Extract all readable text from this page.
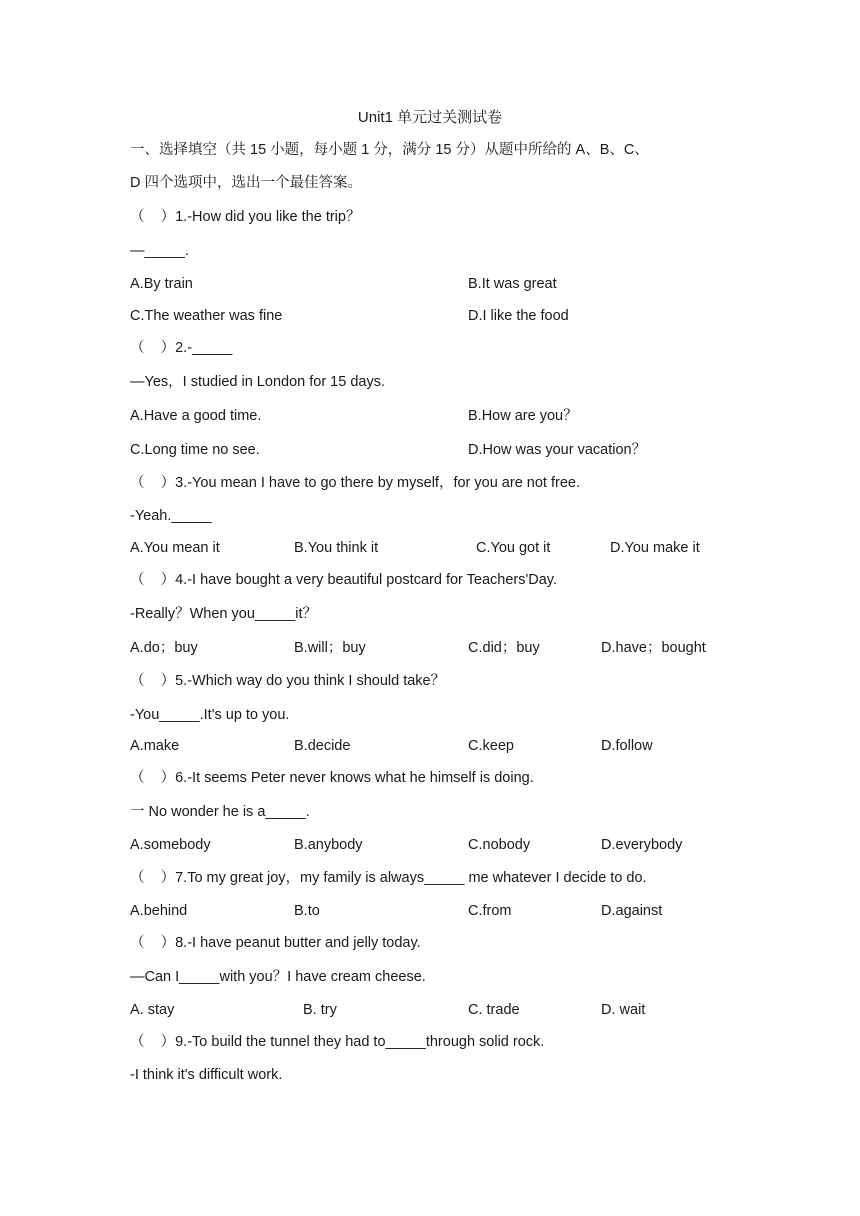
Unit1 单元过关测试卷
一、选择填空（共 15 小题，每小题 1 分，满分 15 分）从题中所给的 A、B、C、
D 四个选项中，选出一个最佳答案。
（    ）1.-How did you like the trip？
—_____.
A.By train	B.It was great
C.The weather was fine	D.I like the food
（    ）2.-_____
—Yes，I studied in London for 15 days.
A.Have a good time.	B.How are you？
C.Long time no see.	D.How was your vacation？
（    ）3.-You mean I have to go there by myself，for you are not free.
-Yeah._____
A.You mean it	B.You think it	C.You got it	D.You make it
（    ）4.-I have bought a very beautiful postcard for Teachers'Day.
-Really？When you_____it？
A.do；buy	B.will；buy	C.did；buy	D.have；bought
（    ）5.-Which way do you think I should take？
-You_____.It's up to you.
A.make	B.decide	C.keep	D.follow
（    ）6.-It seems Peter never knows what he himself is doing.
一 No wonder he is a_____.
A.somebody	B.anybody	C.nobody	D.everybody
（    ）7.To my great joy，my family is always_____ me whatever I decide to do.
A.behind	B.to	C.from	D.against
（    ）8.-I have peanut butter and jelly today.
—Can I_____with you？I have cream cheese.
A. stay	B. try	C. trade	D. wait
（    ）9.-To build the tunnel they had to_____through solid rock.
-I think it's difficult work.
